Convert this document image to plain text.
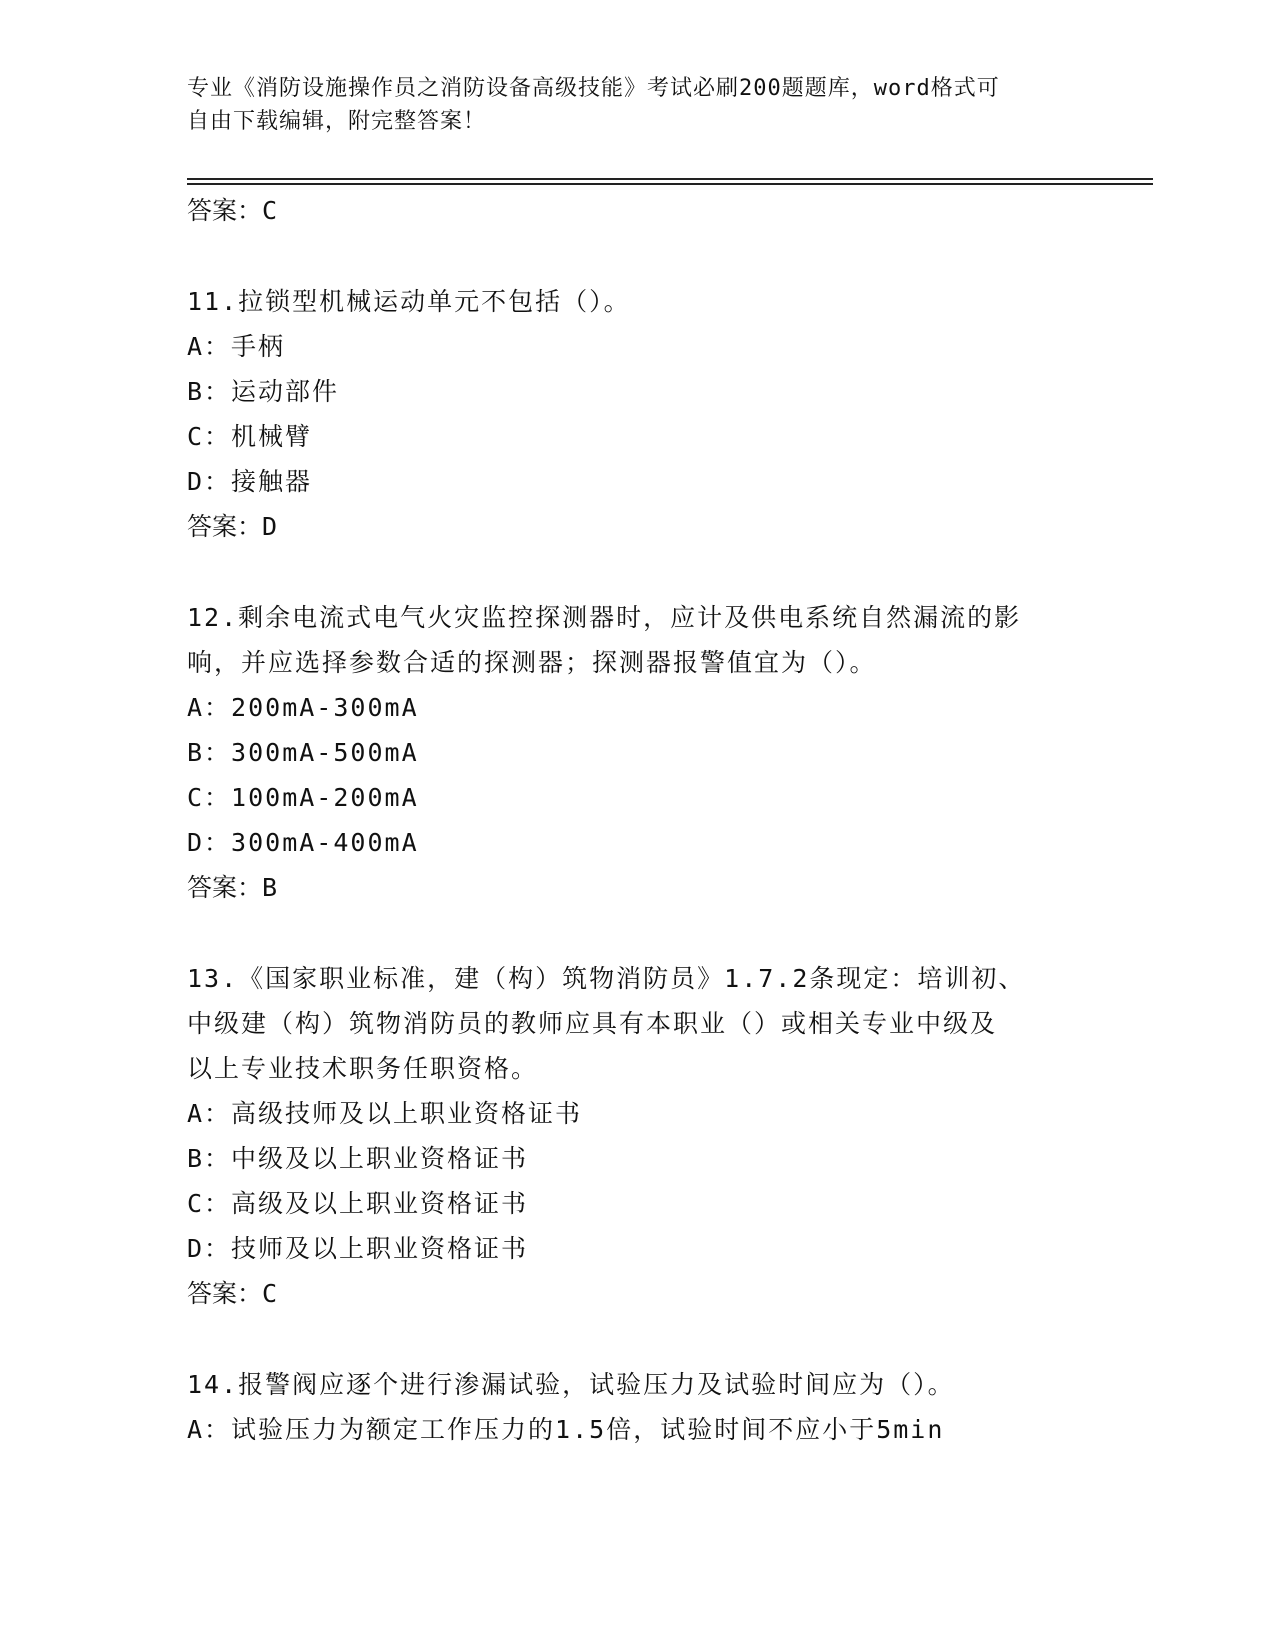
专业《消防设施操作员之消防设备高级技能》考试必刷200题题库，word格式可
自由下载编辑，附完整答案！
答案：C
11.拉锁型机械运动单元不包括（）。
A：手柄
B：运动部件
C：机械臂
D：接触器
答案：D
12.剩余电流式电气火灾监控探测器时，应计及供电系统自然漏流的影
响，并应选择参数合适的探测器；探测器报警值宜为（）。
A：200mA-300mA
B：300mA-500mA
C：100mA-200mA
D：300mA-400mA
答案：B
13.《国家职业标准，建（构）筑物消防员》1.7.2条现定：培训初、
中级建（构）筑物消防员的教师应具有本职业（）或相关专业中级及
以上专业技术职务任职资格。
A：高级技师及以上职业资格证书
B：中级及以上职业资格证书
C：高级及以上职业资格证书
D：技师及以上职业资格证书
答案：C
14.报警阀应逐个进行渗漏试验，试验压力及试验时间应为（）。
A：试验压力为额定工作压力的1.5倍，试验时间不应小于5min
